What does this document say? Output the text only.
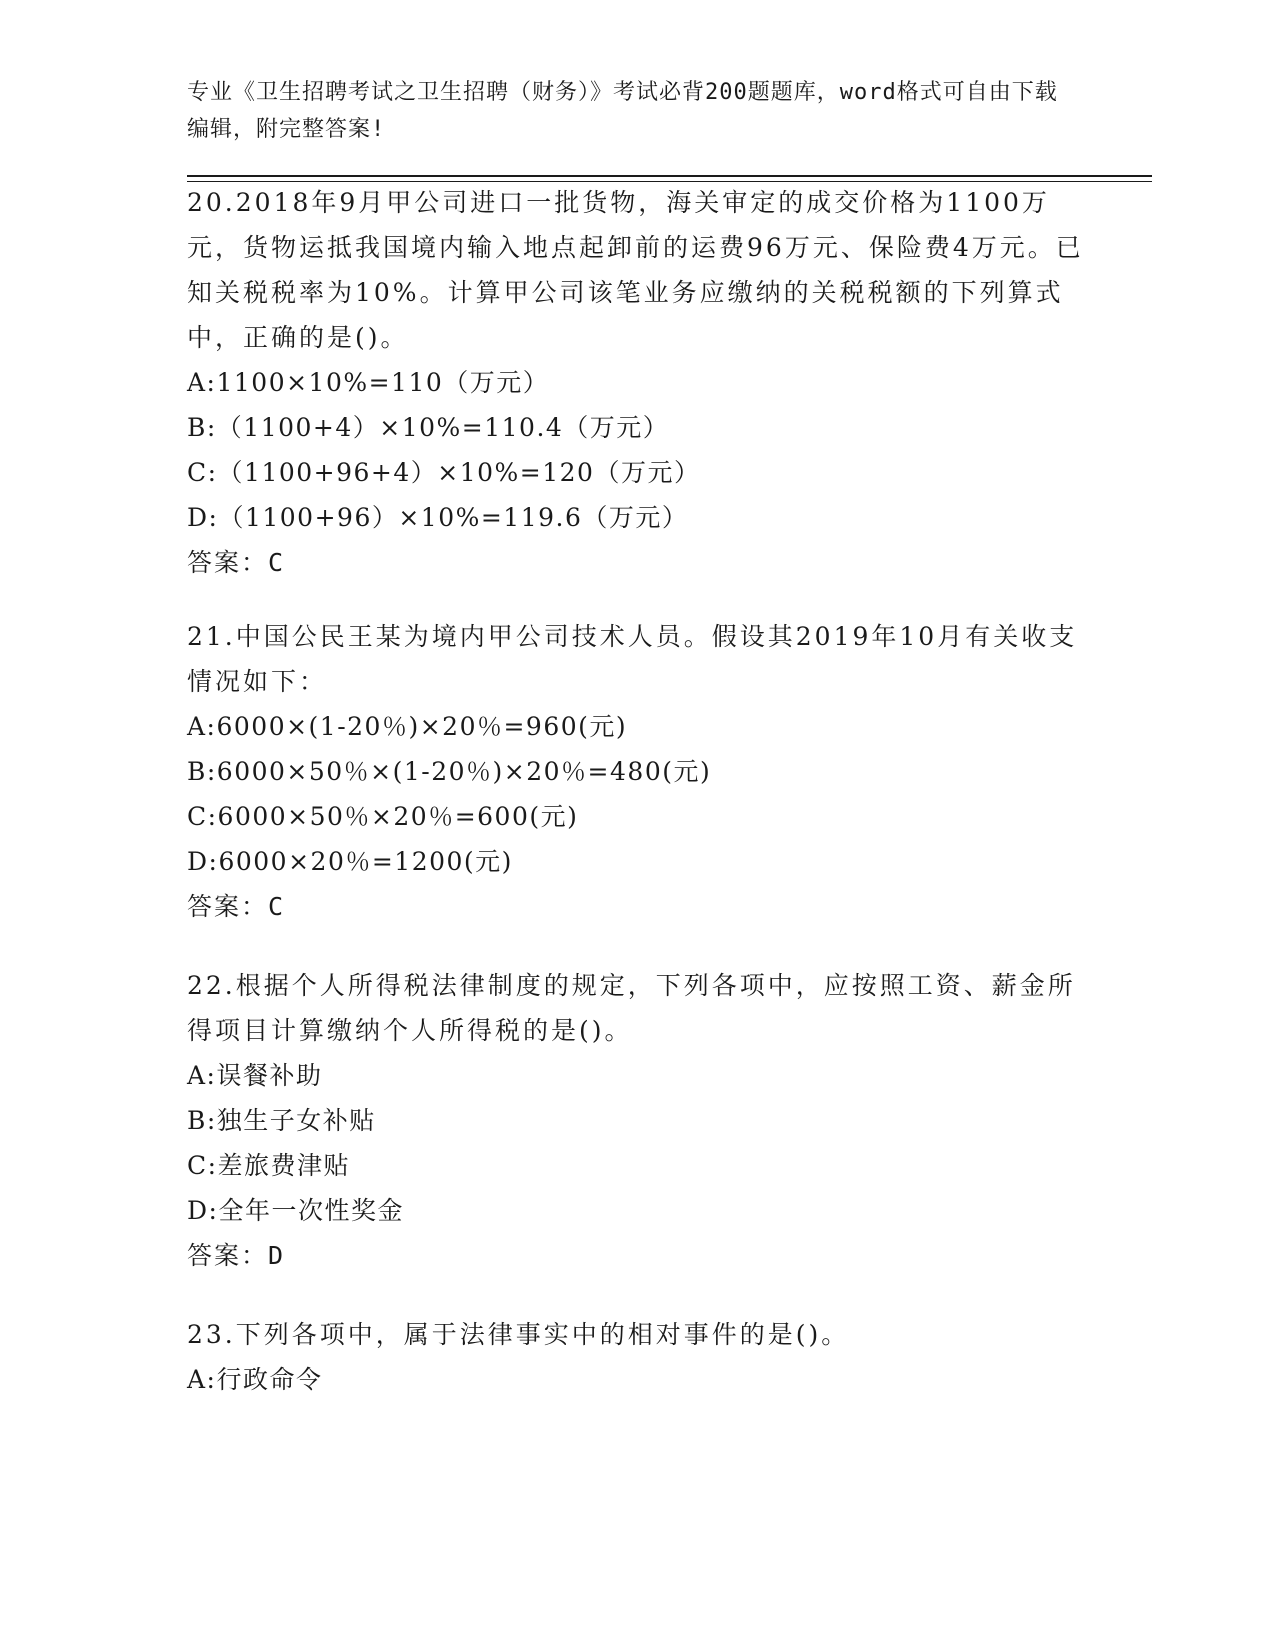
专业《卫生招聘考试之卫生招聘（财务）》考试必背200题题库，word格式可自由下载编辑，附完整答案!

20.2018年9月甲公司进口一批货物，海关审定的成交价格为1100万元，货物运抵我国境内输入地点起卸前的运费96万元、保险费4万元。已知关税税率为10%。计算甲公司该笔业务应缴纳的关税税额的下列算式中，正确的是()。

A:1100×10%=110（万元）

B:（1100+4）×10%=110.4（万元）

C:（1100+96+4）×10%=120（万元）

D:（1100+96）×10%=119.6（万元）

答案：C

21.中国公民王某为境内甲公司技术人员。假设其2019年10月有关收支情况如下：

A:6000×(1-20％)×20％=960(元)

B:6000×50％×(1-20％)×20％=480(元)

C:6000×50％×20％=600(元)

D:6000×20％=1200(元)

答案：C

22.根据个人所得税法律制度的规定，下列各项中，应按照工资、薪金所得项目计算缴纳个人所得税的是()。

A:误餐补助

B:独生子女补贴

C:差旅费津贴

D:全年一次性奖金

答案：D

23.下列各项中，属于法律事实中的相对事件的是()。

A:行政命令
